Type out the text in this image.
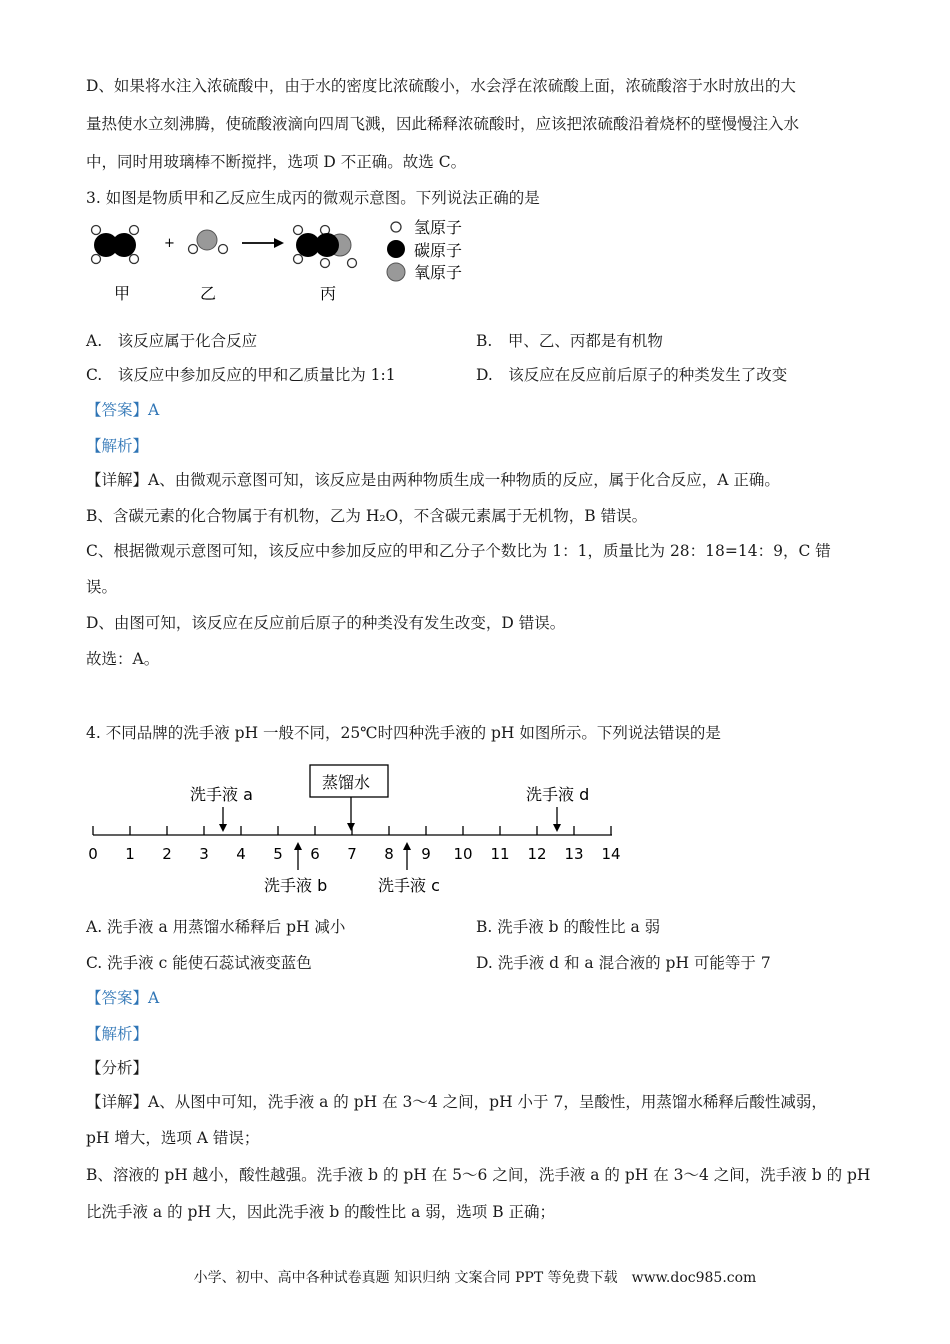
D、如果将水注入浓硫酸中，由于水的密度比浓硫酸小，水会浮在浓硫酸上面，浓硫酸溶于水时放出的大
量热使水立刻沸腾，使硫酸液滴向四周飞溅，因此稀释浓硫酸时，应该把浓硫酸沿着烧杯的壁慢慢注入水
中，同时用玻璃棒不断搅拌，选项 D 不正确。故选 C。
3. 如图是物质甲和乙反应生成丙的微观示意图。下列说法正确的是
+
氢原子
碳原子
氧原子
甲	乙	丙
A.　该反应属于化合反应	B.　甲、乙、丙都是有机物
C.　该反应中参加反应的甲和乙质量比为 1:1	D.　该反应在反应前后原子的种类发生了改变
【答案】A
【解析】
【详解】A、由微观示意图可知，该反应是由两种物质生成一种物质的反应，属于化合反应，A 正确。
B、含碳元素的化合物属于有机物，乙为 H₂O，不含碳元素属于无机物，B 错误。
C、根据微观示意图可知，该反应中参加反应的甲和乙分子个数比为 1：1，质量比为 28：18=14：9，C 错
误。
D、由图可知，该反应在反应前后原子的种类没有发生改变，D 错误。
故选：A。
4. 不同品牌的洗手液 pH 一般不同，25℃时四种洗手液的 pH 如图所示。下列说法错误的是
0 1 2 3 4 5 6 7 8 9 10 11 12 13 14
蒸馏水
洗手液 a	洗手液 d
洗手液 b	洗手液 c
A. 洗手液 a 用蒸馏水稀释后 pH 减小	B. 洗手液 b 的酸性比 a 弱
C. 洗手液 c 能使石蕊试液变蓝色	D. 洗手液 d 和 a 混合液的 pH 可能等于 7
【答案】A
【解析】
【分析】
【详解】A、从图中可知，洗手液 a 的 pH 在 3～4 之间，pH 小于 7，呈酸性，用蒸馏水稀释后酸性减弱，
pH 增大，选项 A 错误；
B、溶液的 pH 越小，酸性越强。洗手液 b 的 pH 在 5～6 之间，洗手液 a 的 pH 在 3～4 之间，洗手液 b 的 pH
比洗手液 a 的 pH 大，因此洗手液 b 的酸性比 a 弱，选项 B 正确；
小学、初中、高中各种试卷真题 知识归纳 文案合同 PPT 等免费下载　www.doc985.com
